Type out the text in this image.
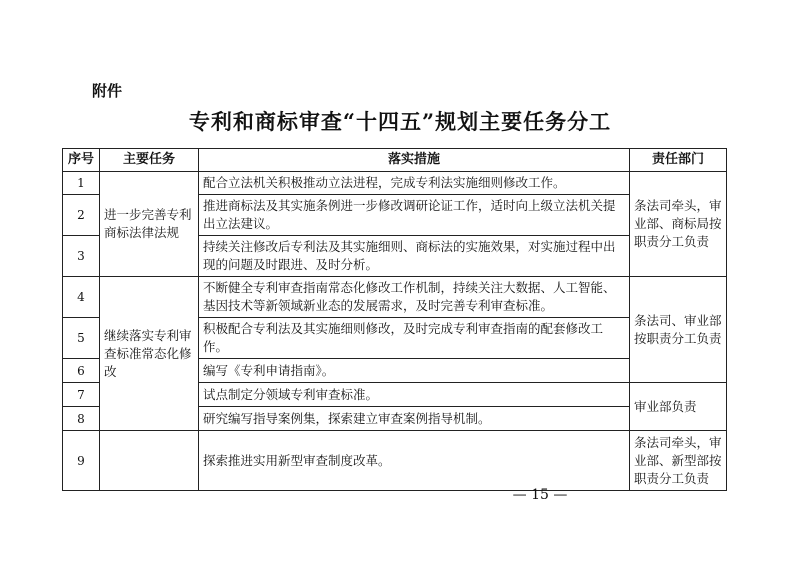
附件
专利和商标审查“十四五”规划主要任务分工
序号	主要任务	落实措施	责任部门
1	进一步完善专利商标法律法规	配合立法机关积极推动立法进程，完成专利法实施细则修改工作。	条法司牵头，审业部、商标局按职责分工负责
2		推进商标法及其实施条例进一步修改调研论证工作，适时向上级立法机关提出立法建议。	
3		持续关注修改后专利法及其实施细则、商标法的实施效果，对实施过程中出现的问题及时跟进、及时分析。	
4	继续落实专利审查标准常态化修改	不断健全专利审查指南常态化修改工作机制，持续关注大数据、人工智能、基因技术等新领域新业态的发展需求，及时完善专利审查标准。	条法司、审业部按职责分工负责
5		积极配合专利法及其实施细则修改，及时完成专利审查指南的配套修改工作。	
6		编写《专利申请指南》。	
7		试点制定分领域专利审查标准。	审业部负责
8		研究编写指导案例集，探索建立审查案例指导机制。	
9		探索推进实用新型审查制度改革。	条法司牵头，审业部、新型部按职责分工负责
— 15 —
